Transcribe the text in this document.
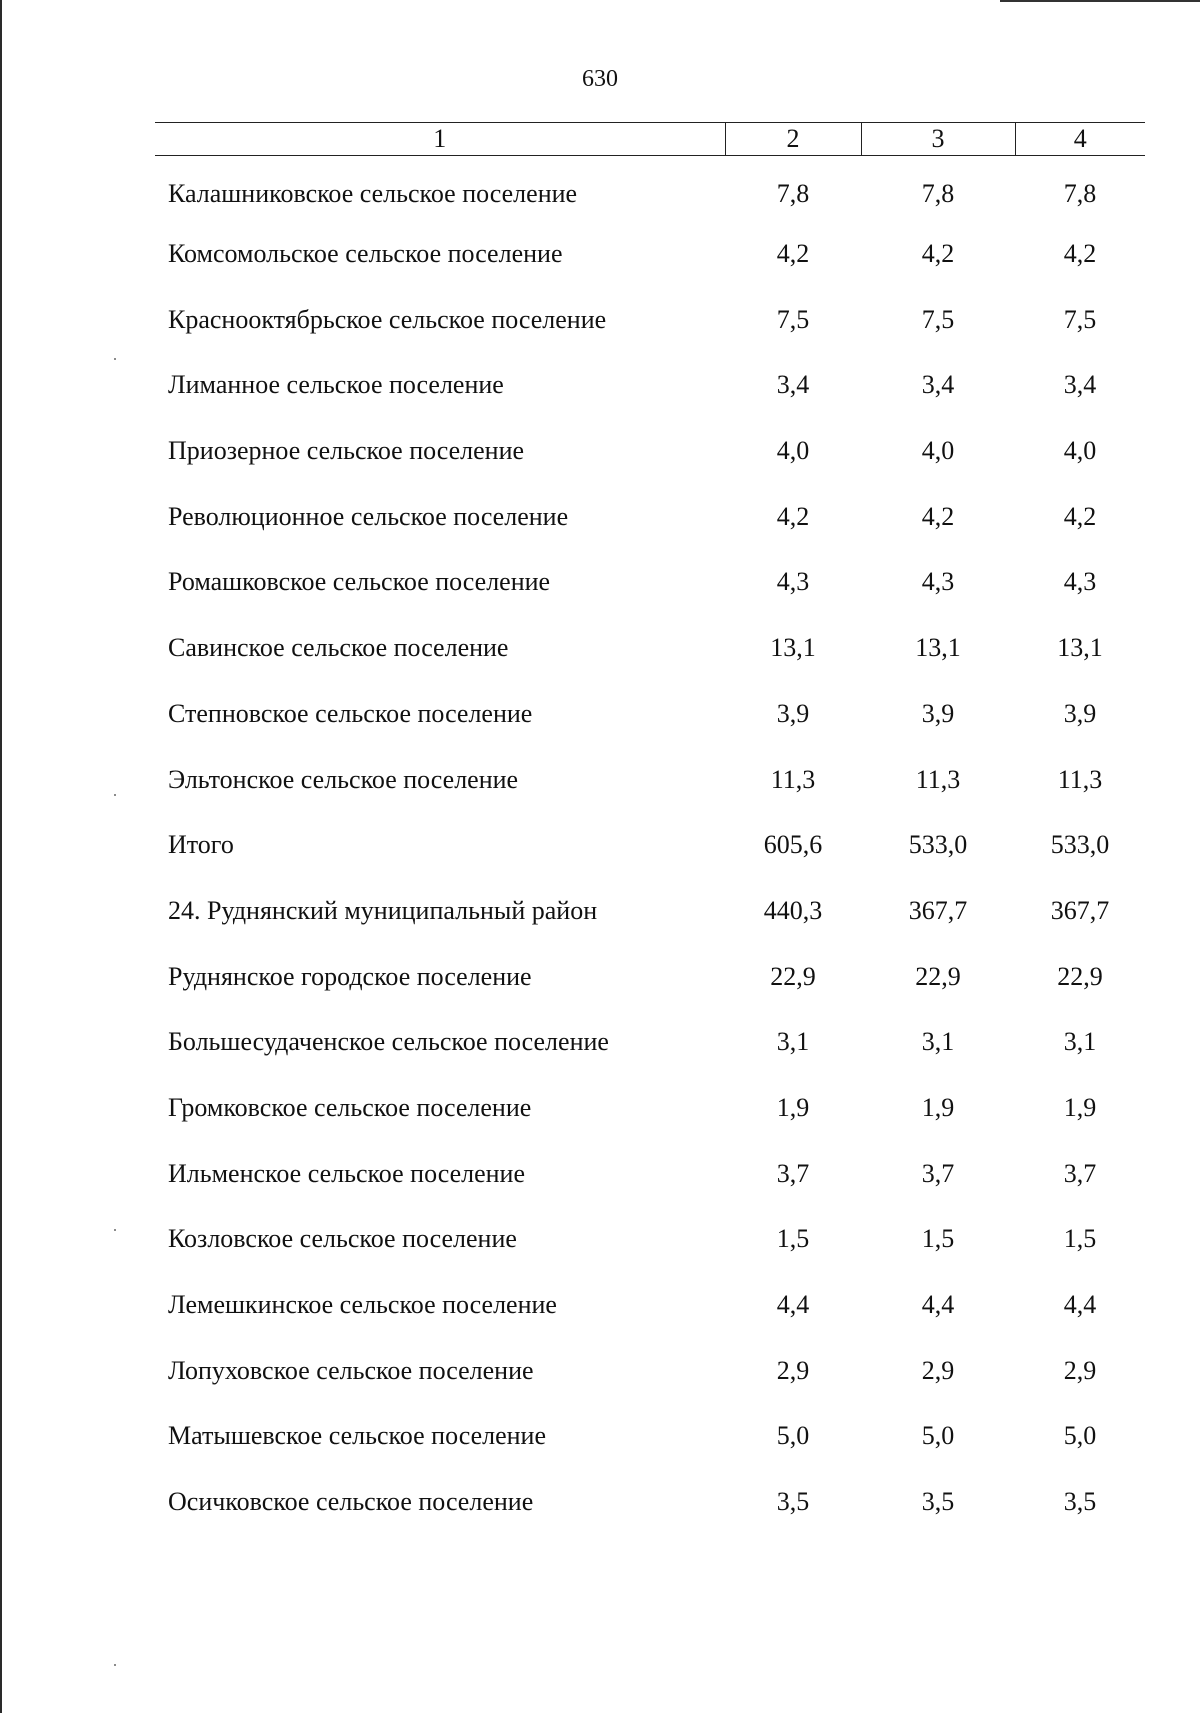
630
1	2	3	4
Калашниковское сельское поселение	7,8	7,8	7,8
Комсомольское сельское поселение	4,2	4,2	4,2
Краснооктябрьское сельское поселение	7,5	7,5	7,5
Лиманное сельское поселение	3,4	3,4	3,4
Приозерное сельское поселение	4,0	4,0	4,0
Революционное сельское поселение	4,2	4,2	4,2
Ромашковское сельское поселение	4,3	4,3	4,3
Савинское сельское поселение	13,1	13,1	13,1
Степновское сельское поселение	3,9	3,9	3,9
Эльтонское сельское поселение	11,3	11,3	11,3
Итого	605,6	533,0	533,0
24. Руднянский муниципальный район	440,3	367,7	367,7
Руднянское городское поселение	22,9	22,9	22,9
Большесудаченское сельское поселение	3,1	3,1	3,1
Громковское сельское поселение	1,9	1,9	1,9
Ильменское сельское поселение	3,7	3,7	3,7
Козловское сельское поселение	1,5	1,5	1,5
Лемешкинское сельское поселение	4,4	4,4	4,4
Лопуховское сельское поселение	2,9	2,9	2,9
Матышевское сельское поселение	5,0	5,0	5,0
Осичковское сельское поселение	3,5	3,5	3,5
